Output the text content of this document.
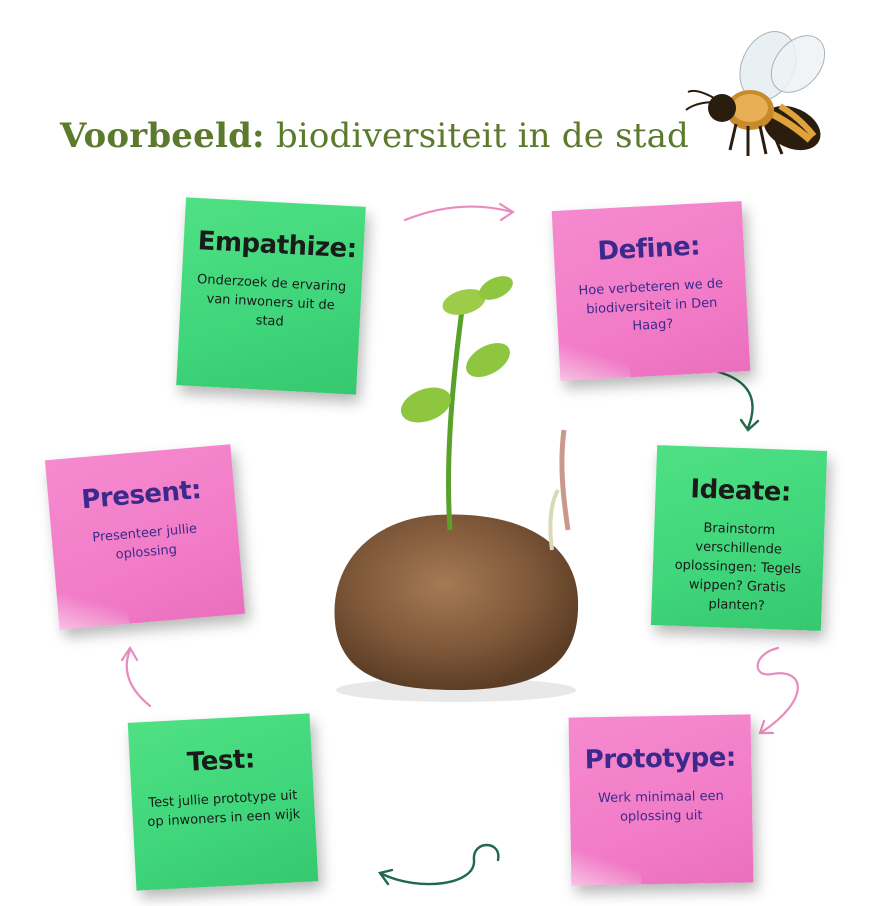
Voorbeeld: biodiversiteit in de stad
Empathize:
Onderzoek de ervaring van inwoners uit de stad
Define:
Hoe verbeteren we de biodiversiteit in Den Haag?
Ideate:
Brainstorm verschillende oplossingen: Tegels wippen? Gratis planten?
Prototype:
Werk minimaal een oplossing uit
Test:
Test jullie prototype uit op inwoners in een wijk
Present:
Presenteer jullie oplossing
